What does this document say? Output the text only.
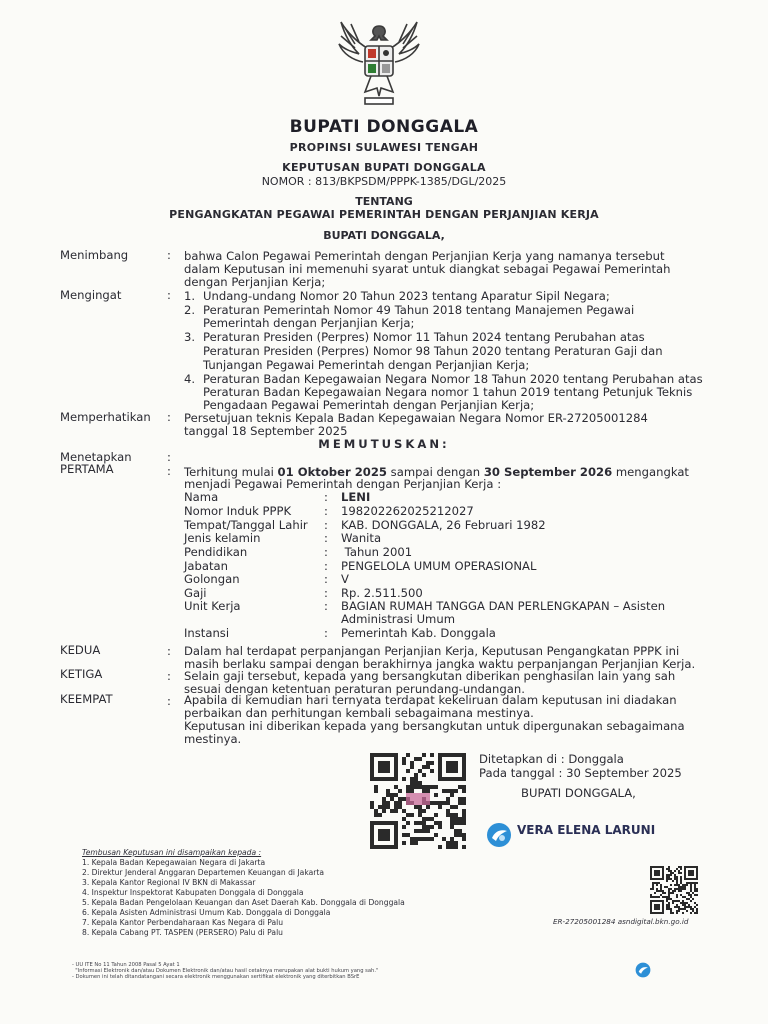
BUPATI DONGGALA
PROPINSI SULAWESI TENGAH
KEPUTUSAN BUPATI DONGGALA
NOMOR : 813/BKPSDM/PPPK-1385/DGL/2025
TENTANG
PENGANGKATAN PEGAWAI PEMERINTAH DENGAN PERJANJIAN KERJA
BUPATI DONGGALA,
Menimbang	: bahwa Calon Pegawai Pemerintah dengan Perjanjian Kerja yang namanya tersebut
dalam Keputusan ini memenuhi syarat untuk diangkat sebagai Pegawai Pemerintah
dengan Perjanjian Kerja;
Mengingat	: 1. Undang-undang Nomor 20 Tahun 2023 tentang Aparatur Sipil Negara;
2. Peraturan Pemerintah Nomor 49 Tahun 2018 tentang Manajemen Pegawai
Pemerintah dengan Perjanjian Kerja;
3. Peraturan Presiden (Perpres) Nomor 11 Tahun 2024 tentang Perubahan atas
Peraturan Presiden (Perpres) Nomor 98 Tahun 2020 tentang Peraturan Gaji dan
Tunjangan Pegawai Pemerintah dengan Perjanjian Kerja;
4. Peraturan Badan Kepegawaian Negara Nomor 18 Tahun 2020 tentang Perubahan atas
Peraturan Badan Kepegawaian Negara nomor 1 tahun 2019 tentang Petunjuk Teknis
Pengadaan Pegawai Pemerintah dengan Perjanjian Kerja;
Memperhatikan : Persetujuan teknis Kepala Badan Kepegawaian Negara Nomor ER-27205001284
tanggal 18 September 2025
MEMUTUSKAN:
Menetapkan	:
PERTAMA	: Terhitung mulai 01 Oktober 2025 sampai dengan 30 September 2026 mengangkat
menjadi Pegawai Pemerintah dengan Perjanjian Kerja :
Nama	: LENI
Nomor Induk PPPK	: 198202262025212027
Tempat/Tanggal Lahir : KAB. DONGGALA, 26 Februari 1982
Jenis kelamin	: Wanita
Pendidikan	: Tahun 2001
Jabatan	: PENGELOLA UMUM OPERASIONAL
Golongan	: V
Gaji	: Rp. 2.511.500
Unit Kerja	: BAGIAN RUMAH TANGGA DAN PERLENGKAPAN – Asisten
Administrasi Umum
Instansi	: Pemerintah Kab. Donggala
KEDUA	: Dalam hal terdapat perpanjangan Perjanjian Kerja, Keputusan Pengangkatan PPPK ini
masih berlaku sampai dengan berakhirnya jangka waktu perpanjangan Perjanjian Kerja.
KETIGA	: Selain gaji tersebut, kepada yang bersangkutan diberikan penghasilan lain yang sah
sesuai dengan ketentuan peraturan perundang-undangan.
KEEMPAT	: Apabila di kemudian hari ternyata terdapat kekeliruan dalam keputusan ini diadakan
perbaikan dan perhitungan kembali sebagaimana mestinya.
Keputusan ini diberikan kepada yang bersangkutan untuk dipergunakan sebagaimana
mestinya.
Ditetapkan di : Donggala
Pada tanggal : 30 September 2025
BUPATI DONGGALA,
VERA ELENA LARUNI
Tembusan Keputusan ini disampaikan kepada :
1. Kepala Badan Kepegawaian Negara di Jakarta
2. Direktur Jenderal Anggaran Departemen Keuangan di Jakarta
3. Kepala Kantor Regional IV BKN di Makassar
4. Inspektur Inspektorat Kabupaten Donggala di Donggala
5. Kepala Badan Pengelolaan Keuangan dan Aset Daerah Kab. Donggala di Donggala
6. Kepala Asisten Administrasi Umum Kab. Donggala di Donggala
7. Kepala Kantor Perbendaharaan Kas Negara di Palu
8. Kepala Cabang PT. TASPEN (PERSERO) Palu di Palu
ER-27205001284 asndigital.bkn.go.id
- UU ITE No 11 Tahun 2008 Pasal 5 Ayat 1
"Informasi Elektronik dan/atau Dokumen Elektronik dan/atau hasil cetaknya merupakan alat bukti hukum yang sah."
- Dokumen ini telah ditandatangani secara elektronik menggunakan sertifikat elektronik yang diterbitkan BSrE
